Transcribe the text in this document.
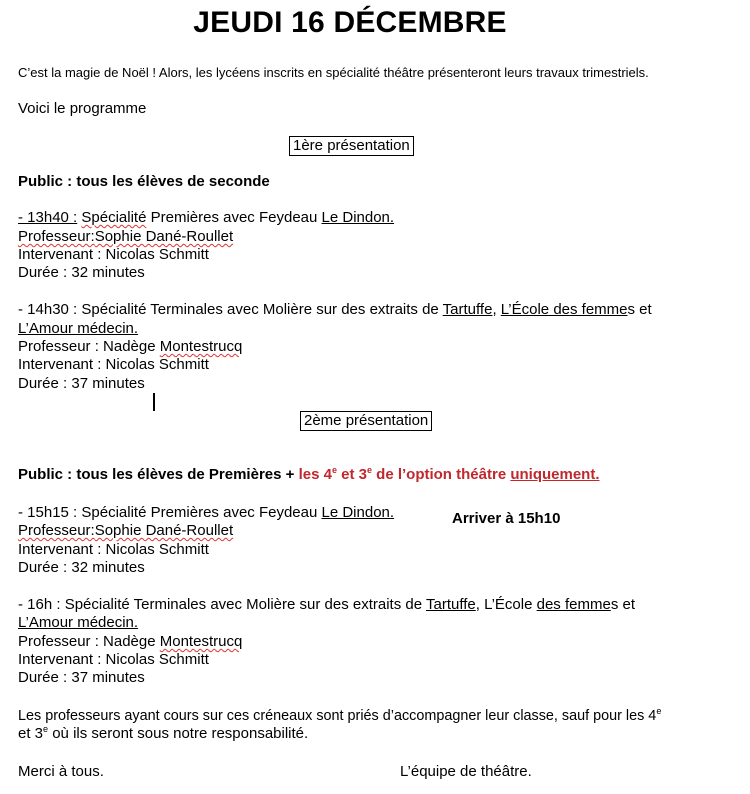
JEUDI 16 DÉCEMBRE
C’est la magie de Noël ! Alors, les lycéens inscrits en spécialité théâtre présenteront leurs travaux trimestriels.
Voici le programme
1ère présentation
Public : tous les élèves de seconde
- 13h40 : Spécialité Premières avec Feydeau Le Dindon.
Professeur:Sophie Dané-Roullet
Intervenant : Nicolas Schmitt
Durée : 32 minutes
- 14h30 : Spécialité Terminales avec Molière sur des extraits de Tartuffe, L’École des femmes et
L’Amour médecin.
Professeur : Nadège Montestrucq
Intervenant : Nicolas Schmitt
Durée : 37 minutes
2ème présentation
Public : tous les élèves de Premières + les 4e et 3e de l’option théâtre uniquement.
- 15h15 : Spécialité Premières avec Feydeau Le Dindon.	Arriver à 15h10
Professeur:Sophie Dané-Roullet
Intervenant : Nicolas Schmitt
Durée : 32 minutes
- 16h : Spécialité Terminales avec Molière sur des extraits de Tartuffe, L’École des femmes et
L’Amour médecin.
Professeur : Nadège Montestrucq
Intervenant : Nicolas Schmitt
Durée : 37 minutes
Les professeurs ayant cours sur ces créneaux sont priés d’accompagner leur classe, sauf pour les 4e
et 3e où ils seront sous notre responsabilité.
Merci à tous.	L’équipe de théâtre.
